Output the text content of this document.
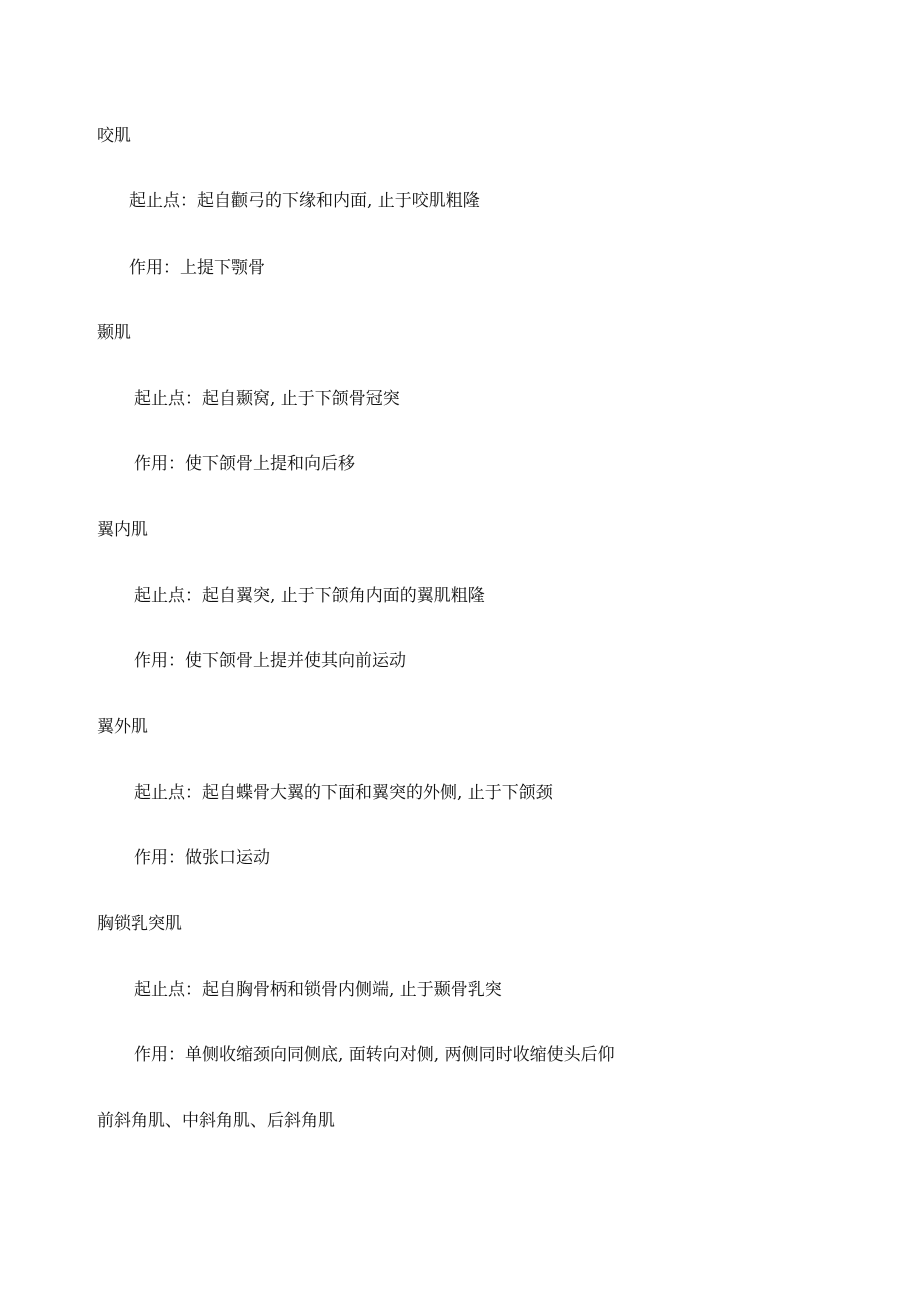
咬肌
起止点：起自颧弓的下缘和内面, 止于咬肌粗隆
作用：上提下颚骨
颞肌
起止点：起自颞窝, 止于下颌骨冠突
作用：使下颌骨上提和向后移
翼内肌
起止点：起自翼突, 止于下颌角内面的翼肌粗隆
作用：使下颌骨上提并使其向前运动
翼外肌
起止点：起自蝶骨大翼的下面和翼突的外侧, 止于下颌颈
作用：做张口运动
胸锁乳突肌
起止点：起自胸骨柄和锁骨内侧端, 止于颞骨乳突
作用：单侧收缩颈向同侧底, 面转向对侧, 两侧同时收缩使头后仰
前斜角肌、中斜角肌、后斜角肌
